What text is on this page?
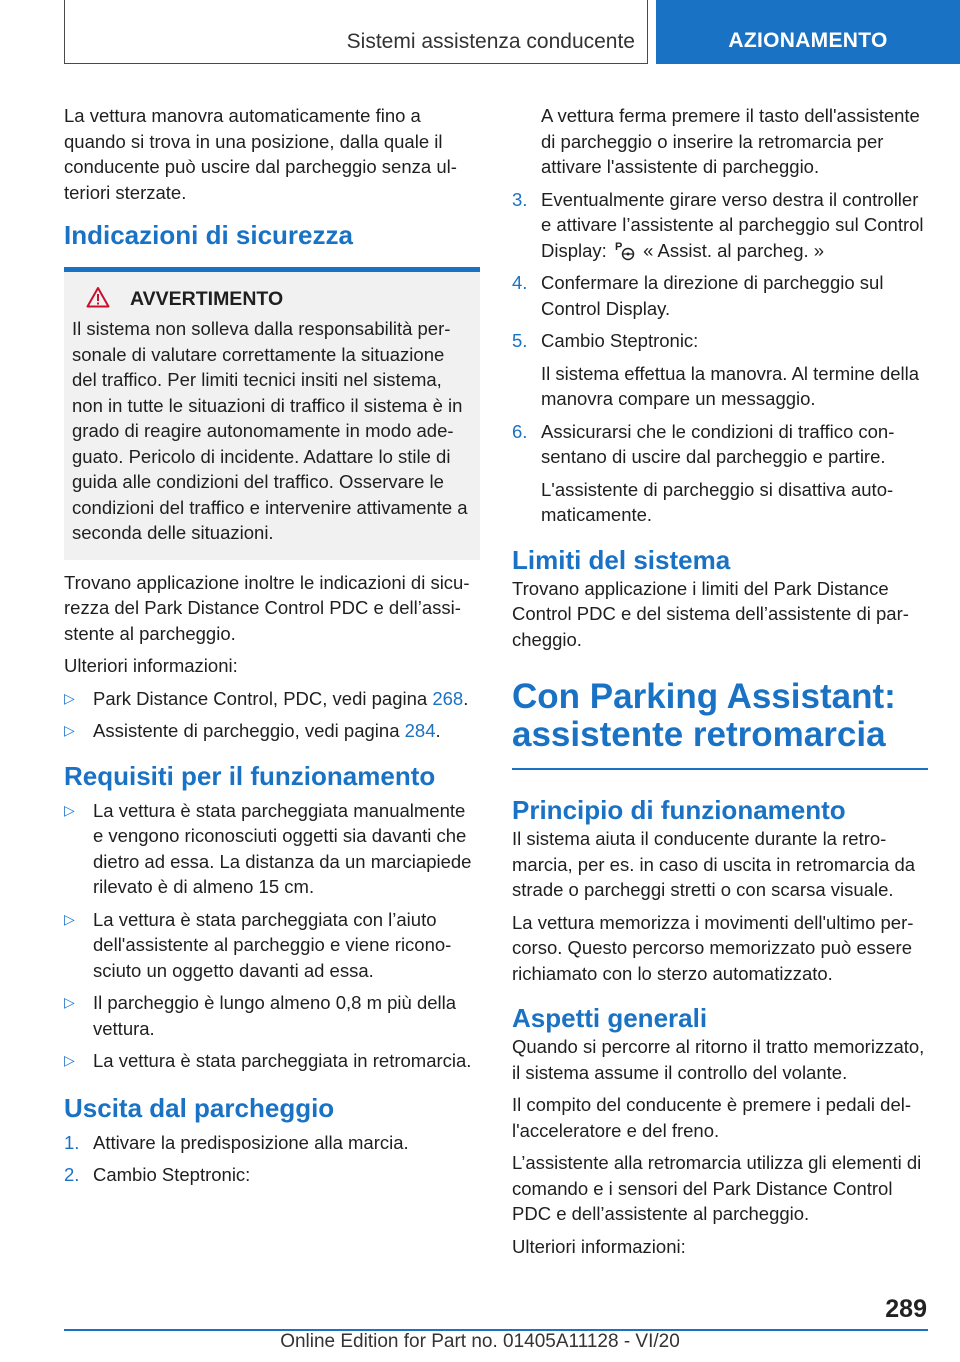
Sistemi assistenza conducente	AZIONAMENTO

La vettura manovra automaticamente fino a quando si trova in una posizione, dalla quale il conducente può uscire dal parcheggio senza ulteriori sterzate.

Indicazioni di sicurezza
AVVERTIMENTO

Il sistema non solleva dalla responsabilità personale di valutare correttamente la situazione del traffico. Per limiti tecnici insiti nel sistema, non in tutte le situazioni di traffico il sistema è in grado di reagire autonomamente in modo adeguato. Pericolo di incidente. Adattare lo stile di guida alle condizioni del traffico. Osservare le condizioni del traffico e intervenire attivamente a seconda delle situazioni.

Trovano applicazione inoltre le indicazioni di sicurezza del Park Distance Control PDC e dell’assistente al parcheggio.

Ulteriori informazioni:

▷ Park Distance Control, PDC, vedi pagina 268.
▷ Assistente di parcheggio, vedi pagina 284.
Requisiti per il funzionamento
▷ La vettura è stata parcheggiata manualmente e vengono riconosciuti oggetti sia davanti che dietro ad essa. La distanza da un marciapiede rilevato è di almeno 15 cm.
▷ La vettura è stata parcheggiata con l’aiuto dell'assistente al parcheggio e viene riconosciuto un oggetto davanti ad essa.
▷ Il parcheggio è lungo almeno 0,8 m più della vettura.
▷ La vettura è stata parcheggiata in retromarcia.
Uscita dal parcheggio
1. Attivare la predisposizione alla marcia.
2. Cambio Steptronic:
A vettura ferma premere il tasto dell'assistente di parcheggio o inserire la retromarcia per attivare l'assistente di parcheggio.
3. Eventualmente girare verso destra il controller e attivare l’assistente al parcheggio sul Control Display: P « Assist. al parcheg. »
4. Confermare la direzione di parcheggio sul Control Display.
5. Cambio Steptronic:
Il sistema effettua la manovra. Al termine della manovra compare un messaggio.
6. Assicurarsi che le condizioni di traffico consentano di uscire dal parcheggio e partire.
L'assistente di parcheggio si disattiva automaticamente.
Limiti del sistema

Trovano applicazione i limiti del Park Distance Control PDC e del sistema dell’assistente di parcheggio.

Con Parking Assistant: assistente retromarcia
Principio di funzionamento

Il sistema aiuta il conducente durante la retromarcia, per es. in caso di uscita in retromarcia da strade o parcheggi stretti o con scarsa visuale.

La vettura memorizza i movimenti dell'ultimo percorso. Questo percorso memorizzato può essere richiamato con lo sterzo automatizzato.

Aspetti generali

Quando si percorre al ritorno il tratto memorizzato, il sistema assume il controllo del volante.

Il compito del conducente è premere i pedali dell'acceleratore e del freno.

L’assistente alla retromarcia utilizza gli elementi di comando e i sensori del Park Distance Control PDC e dell’assistente al parcheggio.

Ulteriori informazioni:

289
Online Edition for Part no. 01405A11128 - VI/20
